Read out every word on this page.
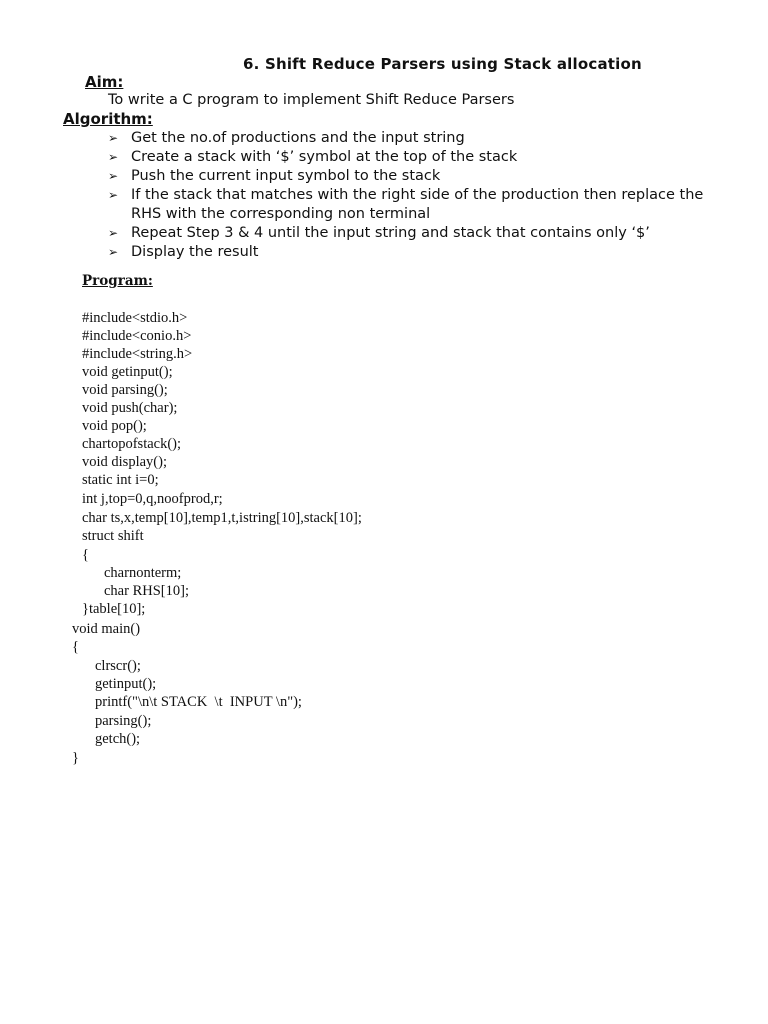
6. Shift Reduce Parsers using Stack allocation
Aim:
To write a C program to implement Shift Reduce Parsers
Algorithm:
➢ Get the no.of productions and the input string
➢ Create a stack with ‘$’ symbol at the top of the stack
➢ Push the current input symbol to the stack
➢ If the stack that matches with the right side of the production then replace the RHS with the corresponding non terminal
➢ Repeat Step 3 & 4 until the input string and stack that contains only ‘$’
➢ Display the result
Program:
#include<stdio.h>
#include<conio.h>
#include<string.h>
void getinput();
void parsing();
void push(char);
void pop();
chartopofstack();
void display();
static int i=0;
int j,top=0,q,noofprod,r;
char ts,x,temp[10],temp1,t,istring[10],stack[10];
struct shift
{
charnonterm;
char RHS[10];
}table[10];
void main()
{
clrscr();
getinput();
printf("\n\t STACK  \t  INPUT \n");
parsing();
getch();
}
